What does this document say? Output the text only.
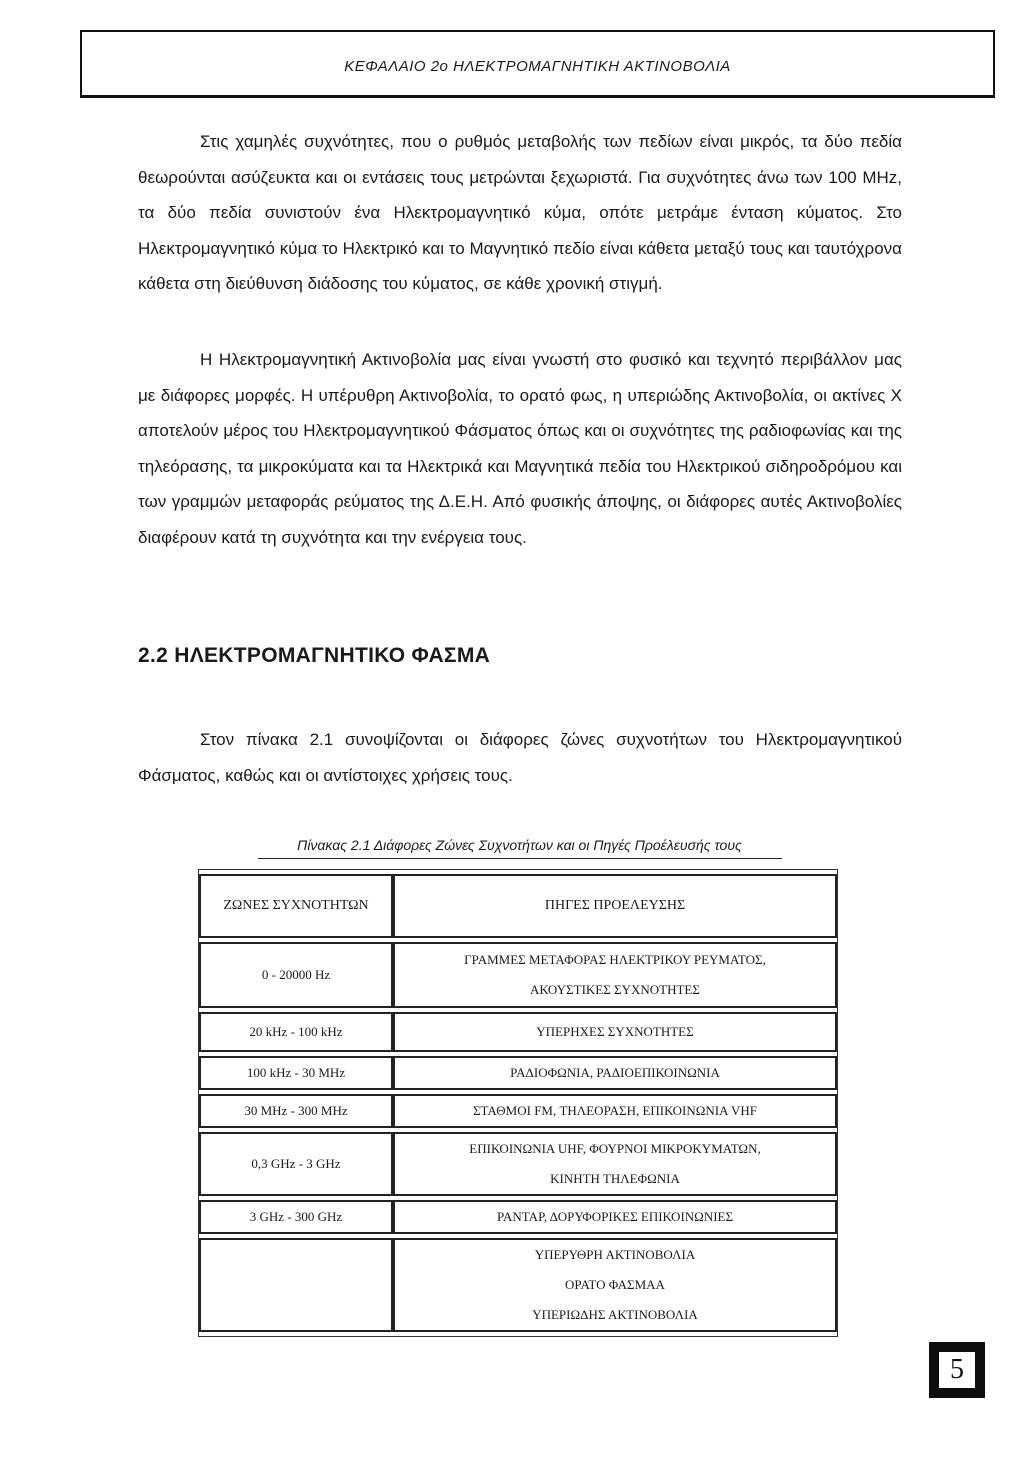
ΚΕΦΑΛΑΙΟ 2ο ΗΛΕΚΤΡΟΜΑΓΝΗΤΙΚΗ ΑΚΤΙΝΟΒΟΛΙΑ

Στις χαμηλές συχνότητες, που ο ρυθμός μεταβολής των πεδίων είναι μικρός, τα δύο πεδία θεωρούνται ασύζευκτα και οι εντάσεις τους μετρώνται ξεχωριστά. Για συχνότητες άνω των 100 MHz, τα δύο πεδία συνιστούν ένα Ηλεκτρομαγνητικό κύμα, οπότε μετράμε ένταση κύματος. Στο Ηλεκτρομαγνητικό κύμα το Ηλεκτρικό και το Μαγνητικό πεδίο είναι κάθετα μεταξύ τους και ταυτόχρονα κάθετα στη διεύθυνση διάδοσης του κύματος, σε κάθε χρονική στιγμή.

Η Ηλεκτρομαγνητική Ακτινοβολία μας είναι γνωστή στο φυσικό και τεχνητό περιβάλλον μας με διάφορες μορφές. Η υπέρυθρη Ακτινοβολία, το ορατό φως, η υπεριώδης Ακτινοβολία, οι ακτίνες Χ αποτελούν μέρος του Ηλεκτρομαγνητικού Φάσματος όπως και οι συχνότητες της ραδιοφωνίας και της τηλεόρασης, τα μικροκύματα και τα Ηλεκτρικά και Μαγνητικά πεδία του Ηλεκτρικού σιδηροδρόμου και των γραμμών μεταφοράς ρεύματος της Δ.Ε.Η. Από φυσικής άποψης, οι διάφορες αυτές Ακτινοβολίες διαφέρουν κατά τη συχνότητα και την ενέργεια τους.

2.2 ΗΛΕΚΤΡΟΜΑΓΝΗΤΙΚΟ ΦΑΣΜΑ

Στον πίνακα 2.1 συνοψίζονται οι διάφορες ζώνες συχνοτήτων του Ηλεκτρομαγνητικού Φάσματος, καθώς και οι αντίστοιχες χρήσεις τους.

Πίνακας 2.1 Διάφορες Ζώνες Συχνοτήτων και οι Πηγές Προέλευσής τους
ΖΩΝΕΣ ΣΥΧΝΟΤΗΤΩΝ	ΠΗΓΕΣ ΠΡΟΕΛΕΥΣΗΣ
0 - 20000 Hz	ΓΡΑΜΜΕΣ ΜΕΤΑΦΟΡΑΣ ΗΛΕΚΤΡΙΚΟΥ ΡΕΥΜΑΤΟΣ,
ΑΚΟΥΣΤΙΚΕΣ ΣΥΧΝΟΤΗΤΕΣ

20 kHz - 100 kHz	ΥΠΕΡΗΧΕΣ ΣΥΧΝΟΤΗΤΕΣ

100 kHz - 30 MHz	ΡΑΔΙΟΦΩΝΙΑ, ΡΑΔΙΟΕΠΙΚΟΙΝΩΝΙΑ

30 MHz - 300 MHz	ΣΤΑΘΜΟΙ FM, ΤΗΛΕΟΡΑΣΗ, ΕΠΙΚΟΙΝΩΝΙΑ VHF

0,3 GHz - 3 GHz	ΕΠΙΚΟΙΝΩΝΙΑ UHF, ΦΟΥΡΝΟΙ ΜΙΚΡΟΚΥΜΑΤΩΝ,
ΚΙΝΗΤΗ ΤΗΛΕΦΩΝΙΑ

3 GHz - 300 GHz	ΡΑΝΤΑΡ, ΔΟΡΥΦΟΡΙΚΕΣ ΕΠΙΚΟΙΝΩΝΙΕΣ

	ΥΠΕΡΥΘΡΗ ΑΚΤΙΝΟΒΟΛΙΑ
ΟΡΑΤΟ ΦΑΣΜΑΑ
ΥΠΕΡΙΩΔΗΣ ΑΚΤΙΝΟΒΟΛΙΑ
5
